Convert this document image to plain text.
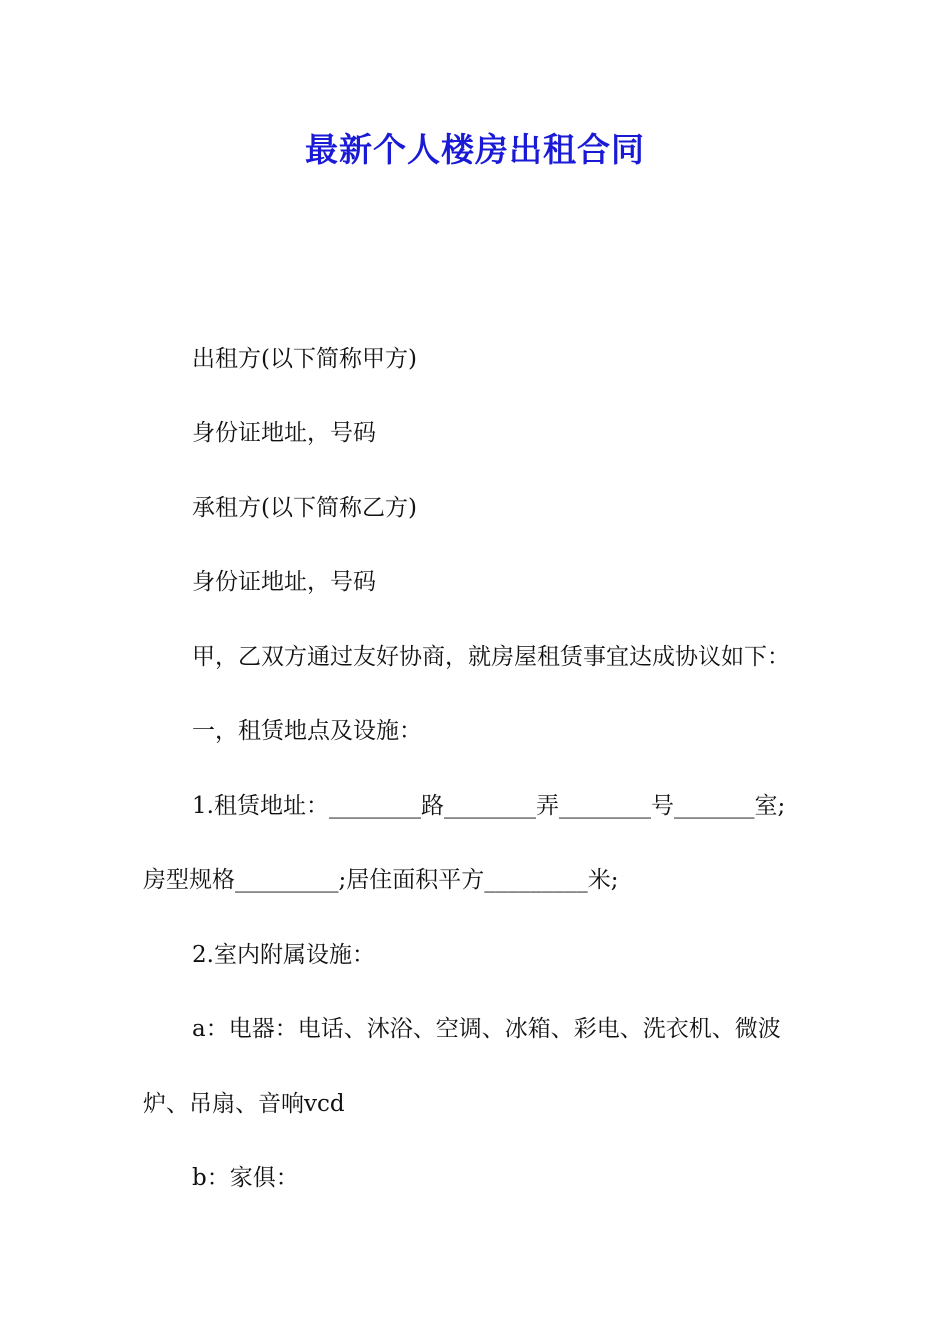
最新个人楼房出租合同
出租方(以下简称甲方)
身份证地址，号码
承租方(以下简称乙方)
身份证地址，号码
甲，乙双方通过友好协商，就房屋租赁事宜达成协议如下：
一，租赁地点及设施：
1.租赁地址：________路________弄________号_______室;
房型规格_________;居住面积平方_________米;
2.室内附属设施：
a：电器：电话、沐浴、空调、冰箱、彩电、洗衣机、微波
炉、吊扇、音响vcd
b：家俱：
